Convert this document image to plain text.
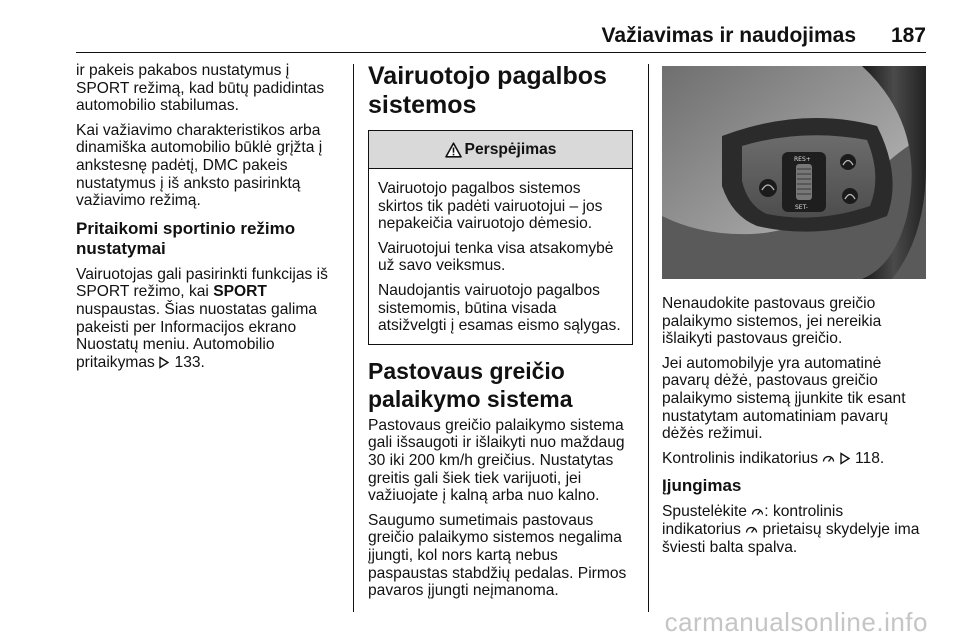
Važiavimas ir naudojimas 187

ir pakeis pakabos nustatymus į SPORT režimą, kad būtų padidintas automobilio stabilumas.

Kai važiavimo charakteristikos arba dinamiška automobilio būklė grįžta į ankstesnę padėtį, DMC pakeis nustatymus į iš anksto pasirinktą važiavimo režimą.

Pritaikomi sportinio režimo nustatymai

Vairuotojas gali pasirinkti funkcijas iš SPORT režimo, kai SPORT nuspaustas. Šias nuostatas galima pakeisti per Informacijos ekrano Nuostatų meniu. Automobilio pritaikymas  133.

Vairuotojo pagalbos sistemos
Perspėjimas

Vairuotojo pagalbos sistemos skirtos tik padėti vairuotojui – jos nepakeičia vairuotojo dėmesio.

Vairuotojui tenka visa atsakomybė už savo veiksmus.

Naudojantis vairuotojo pagalbos sistemomis, būtina visada atsižvelgti į esamas eismo sąlygas.

Pastovaus greičio palaikymo sistema

Pastovaus greičio palaikymo sistema gali išsaugoti ir išlaikyti nuo maždaug 30 iki 200 km/h greičius. Nustatytas greitis gali šiek tiek varijuoti, jei važiuojate į kalną arba nuo kalno.

Saugumo sumetimais pastovaus greičio palaikymo sistemos negalima įjungti, kol nors kartą nebus paspaustas stabdžių pedalas. Pirmos pavaros įjungti neįmanoma.

RES+
SET-

Nenaudokite pastovaus greičio palaikymo sistemos, jei nereikia išlaikyti pastovaus greičio.

Jei automobilyje yra automatinė pavarų dėžė, pastovaus greičio palaikymo sistemą įjunkite tik esant nustatytam automatiniam pavarų dėžės režimui.

Kontrolinis indikatorius   118.

Įjungimas

Spustelėkite : kontrolinis indikatorius  prietaisų skydelyje ima šviesti balta spalva.

carmanualsonline.info
